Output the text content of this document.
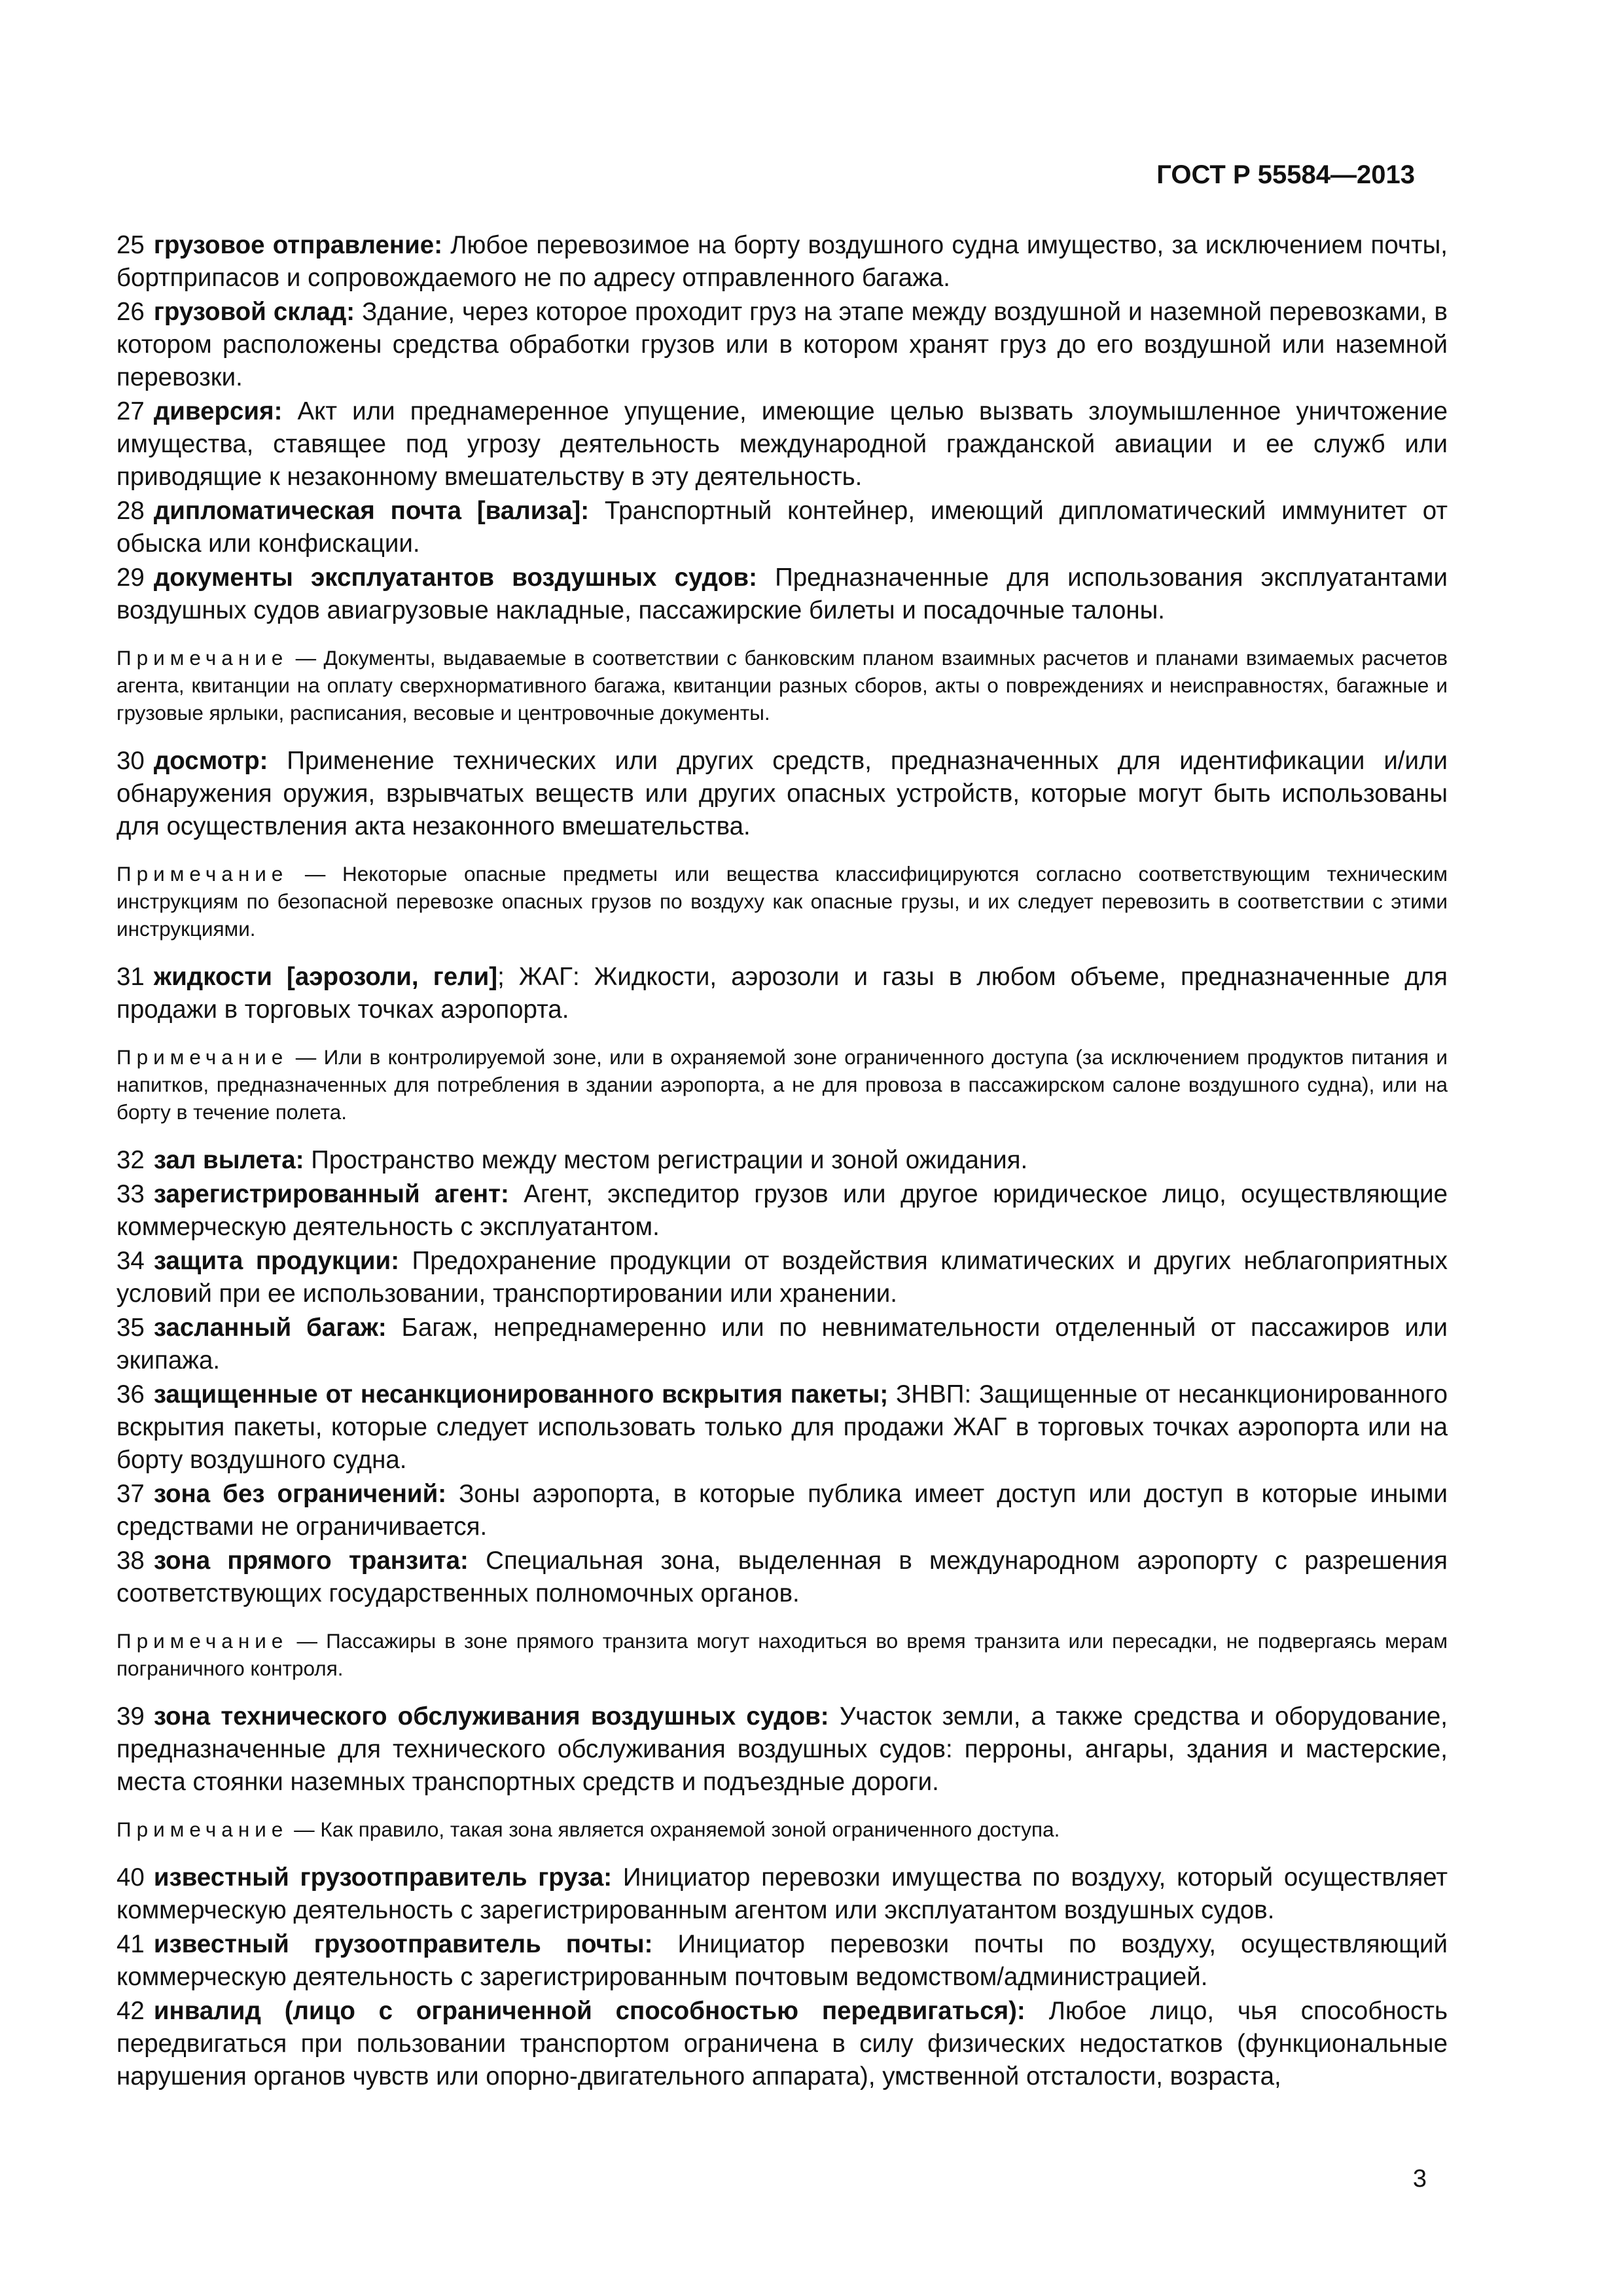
ГОСТ Р 55584—2013

25 грузовое отправление: Любое перевозимое на борту воздушного судна имущество, за исключением почты, бортприпасов и сопровождаемого не по адресу отправленного багажа.

26 грузовой склад: Здание, через которое проходит груз на этапе между воздушной и наземной перевозками, в котором расположены средства обработки грузов или в котором хранят груз до его воздушной или наземной перевозки.

27 диверсия: Акт или преднамеренное упущение, имеющие целью вызвать злоумышленное уничтожение имущества, ставящее под угрозу деятельность международной гражданской авиации и ее служб или приводящие к незаконному вмешательству в эту деятельность.

28 дипломатическая почта [вализа]: Транспортный контейнер, имеющий дипломатический иммунитет от обыска или конфискации.

29 документы эксплуатантов воздушных судов: Предназначенные для использования эксплуатантами воздушных судов авиагрузовые накладные, пассажирские билеты и посадочные талоны.

Примечание — Документы, выдаваемые в соответствии с банковским планом взаимных расчетов и планами взимаемых расчетов агента, квитанции на оплату сверхнормативного багажа, квитанции разных сборов, акты о повреждениях и неисправностях, багажные и грузовые ярлыки, расписания, весовые и центровочные документы.

30 досмотр: Применение технических или других средств, предназначенных для идентификации и/или обнаружения оружия, взрывчатых веществ или других опасных устройств, которые могут быть использованы для осуществления акта незаконного вмешательства.

Примечание — Некоторые опасные предметы или вещества классифицируются согласно соответствующим техническим инструкциям по безопасной перевозке опасных грузов по воздуху как опасные грузы, и их следует перевозить в соответствии с этими инструкциями.

31 жидкости [аэрозоли, гели]; ЖАГ: Жидкости, аэрозоли и газы в любом объеме, предназначенные для продажи в торговых точках аэропорта.

Примечание — Или в контролируемой зоне, или в охраняемой зоне ограниченного доступа (за исключением продуктов питания и напитков, предназначенных для потребления в здании аэропорта, а не для провоза в пассажирском салоне воздушного судна), или на борту в течение полета.

32 зал вылета: Пространство между местом регистрации и зоной ожидания.

33 зарегистрированный агент: Агент, экспедитор грузов или другое юридическое лицо, осуществляющие коммерческую деятельность с эксплуатантом.

34 защита продукции: Предохранение продукции от воздействия климатических и других неблагоприятных условий при ее использовании, транспортировании или хранении.

35 засланный багаж: Багаж, непреднамеренно или по невнимательности отделенный от пассажиров или экипажа.

36 защищенные от несанкционированного вскрытия пакеты; ЗНВП: Защищенные от несанкционированного вскрытия пакеты, которые следует использовать только для продажи ЖАГ в торговых точках аэропорта или на борту воздушного судна.

37 зона без ограничений: Зоны аэропорта, в которые публика имеет доступ или доступ в которые иными средствами не ограничивается.

38 зона прямого транзита: Специальная зона, выделенная в международном аэропорту с разрешения соответствующих государственных полномочных органов.

Примечание — Пассажиры в зоне прямого транзита могут находиться во время транзита или пересадки, не подвергаясь мерам пограничного контроля.

39 зона технического обслуживания воздушных судов: Участок земли, а также средства и оборудование, предназначенные для технического обслуживания воздушных судов: перроны, ангары, здания и мастерские, места стоянки наземных транспортных средств и подъездные дороги.

Примечание — Как правило, такая зона является охраняемой зоной ограниченного доступа.

40 известный грузоотправитель груза: Инициатор перевозки имущества по воздуху, который осуществляет коммерческую деятельность с зарегистрированным агентом или эксплуатантом воздушных судов.

41 известный грузоотправитель почты: Инициатор перевозки почты по воздуху, осуществляющий коммерческую деятельность с зарегистрированным почтовым ведомством/администрацией.

42 инвалид (лицо с ограниченной способностью передвигаться): Любое лицо, чья способность передвигаться при пользовании транспортом ограничена в силу физических недостатков (функциональные нарушения органов чувств или опорно-двигательного аппарата), умственной отсталости, возраста,

3
